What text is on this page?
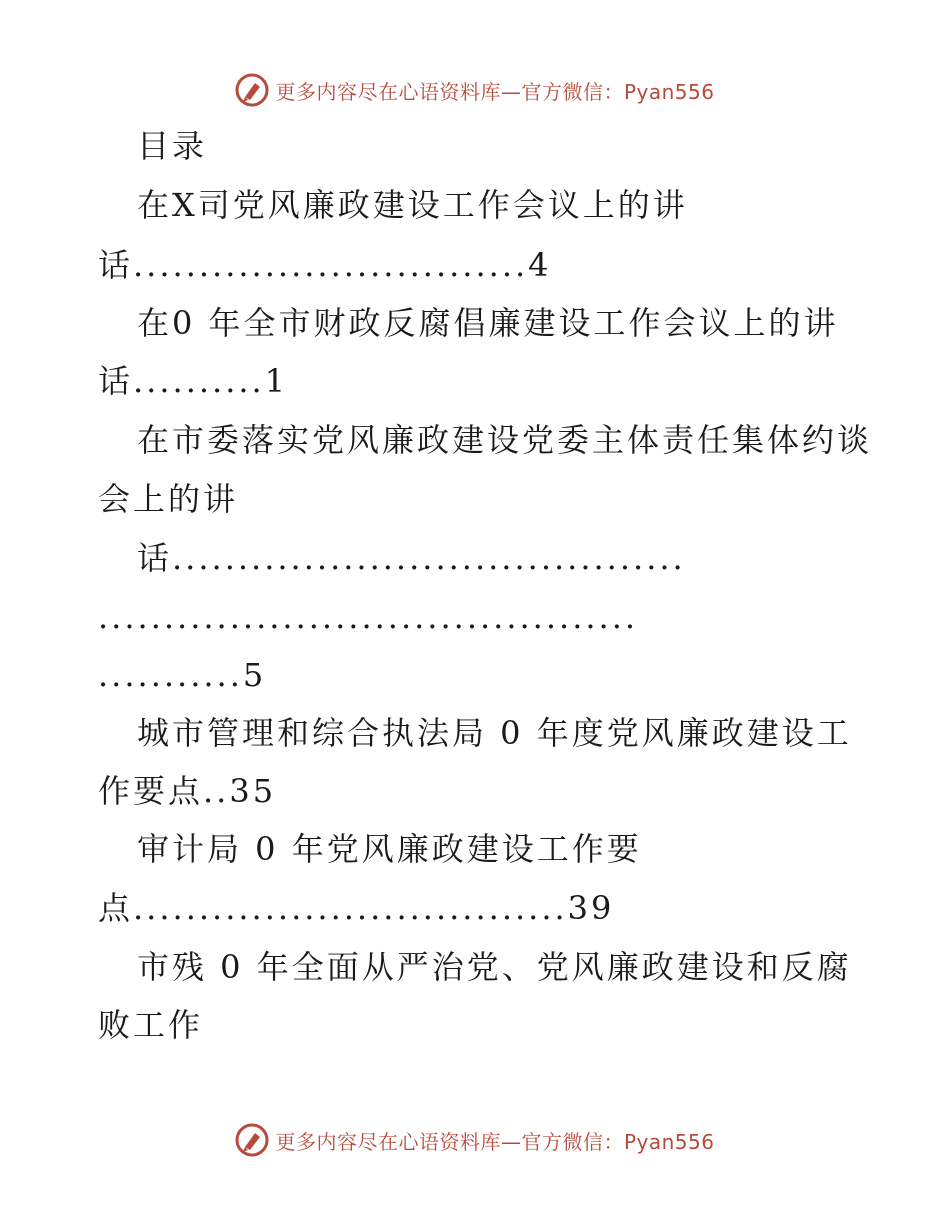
更多内容尽在心语资料库—官方微信：Pyan556
目录
在X司党风廉政建设工作会议上的讲
话..............................4
在0 年全市财政反腐倡廉建设工作会议上的讲
话..........1
在市委落实党风廉政建设党委主体责任集体约谈
会上的讲
话.......................................
.........................................
...........5
城市管理和综合执法局 0 年度党风廉政建设工
作要点..35
审计局 0 年党风廉政建设工作要
点.................................39
市残 0 年全面从严治党、党风廉政建设和反腐
败工作
更多内容尽在心语资料库—官方微信：Pyan556
